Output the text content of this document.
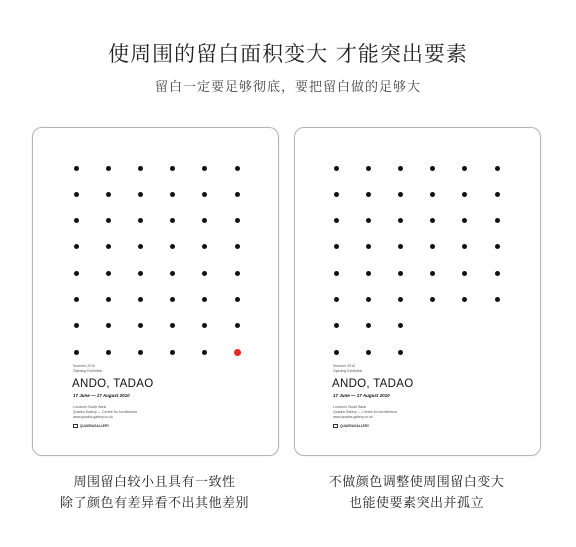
使周围的留白面积变大 才能突出要素
留白一定要足够彻底，要把留白做的足够大
Summer 2010
Opening Exhibition
ANDO, TADAO
17 June — 17 August 2010
London's South Bank
Quadra Gallery — Centre for Architecture
www.quadra-gallery.co.uk
QUADRAGALLERY
Summer 2010
Opening Exhibition
ANDO, TADAO
17 June — 17 August 2010
London's South Bank
Quadra Gallery — Centre for Architecture
www.quadra-gallery.co.uk
QUADRAGALLERY
周围留白较小且具有一致性
除了颜色有差异看不出其他差别
不做颜色调整使周围留白变大
也能使要素突出并孤立
